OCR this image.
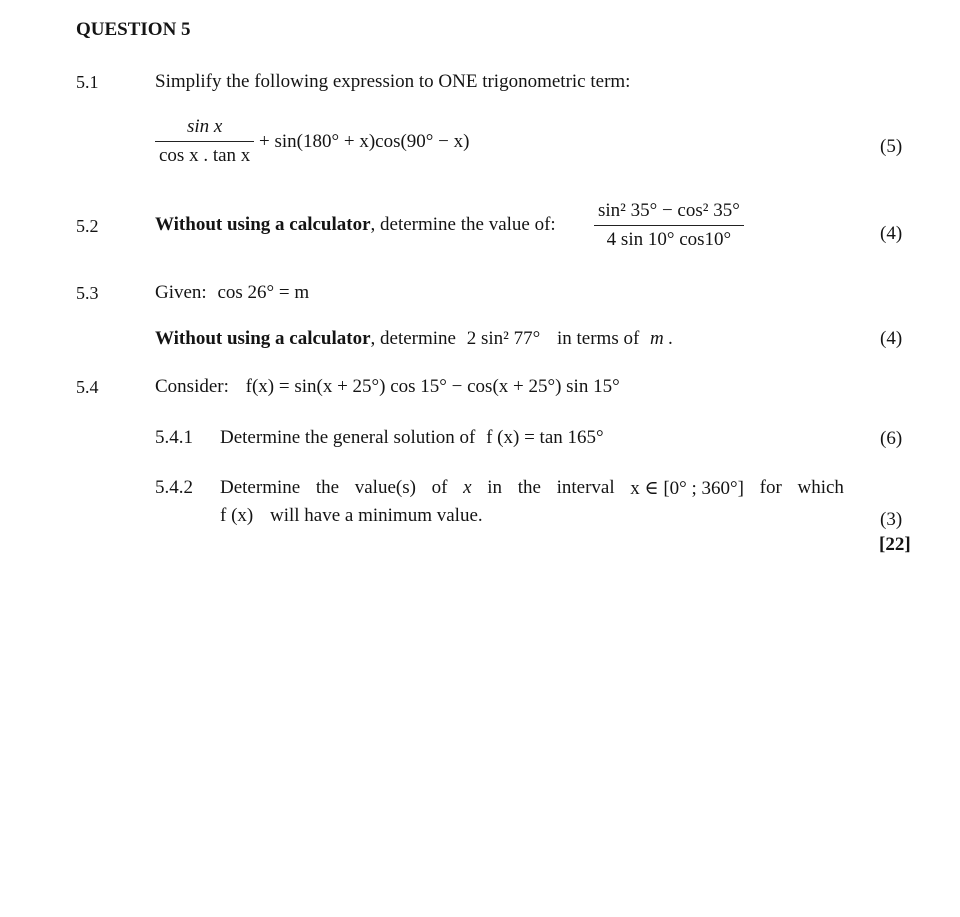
QUESTION 5
5.1	Simplify the following expression to ONE trigonometric term:
$\frac{\text{sin x}}{\text{cos x . tan x}} + \sin(180^\circ + x)\cos(90^\circ - x)$	(5)
5.2	Without using a calculator, determine the value of: $\frac{\text{sin² 35° − cos² 35°}}{4 \sin 10^\circ \cos 10^\circ}$	(4)
5.3	Given: cos 26° = m
Without using a calculator, determine 2 sin² 77° in terms of m .	(4)
5.4	Consider: f(x) = sin(x + 25°) cos 15° − cos(x + 25°) sin 15°
5.4.1 Determine the general solution of f (x) = tan 165°	(6)
5.4.2 Determine the value(s) of x in the interval x ∈ [0° ; 360°] for which
f (x) will have a minimum value.	(3)
[22]
